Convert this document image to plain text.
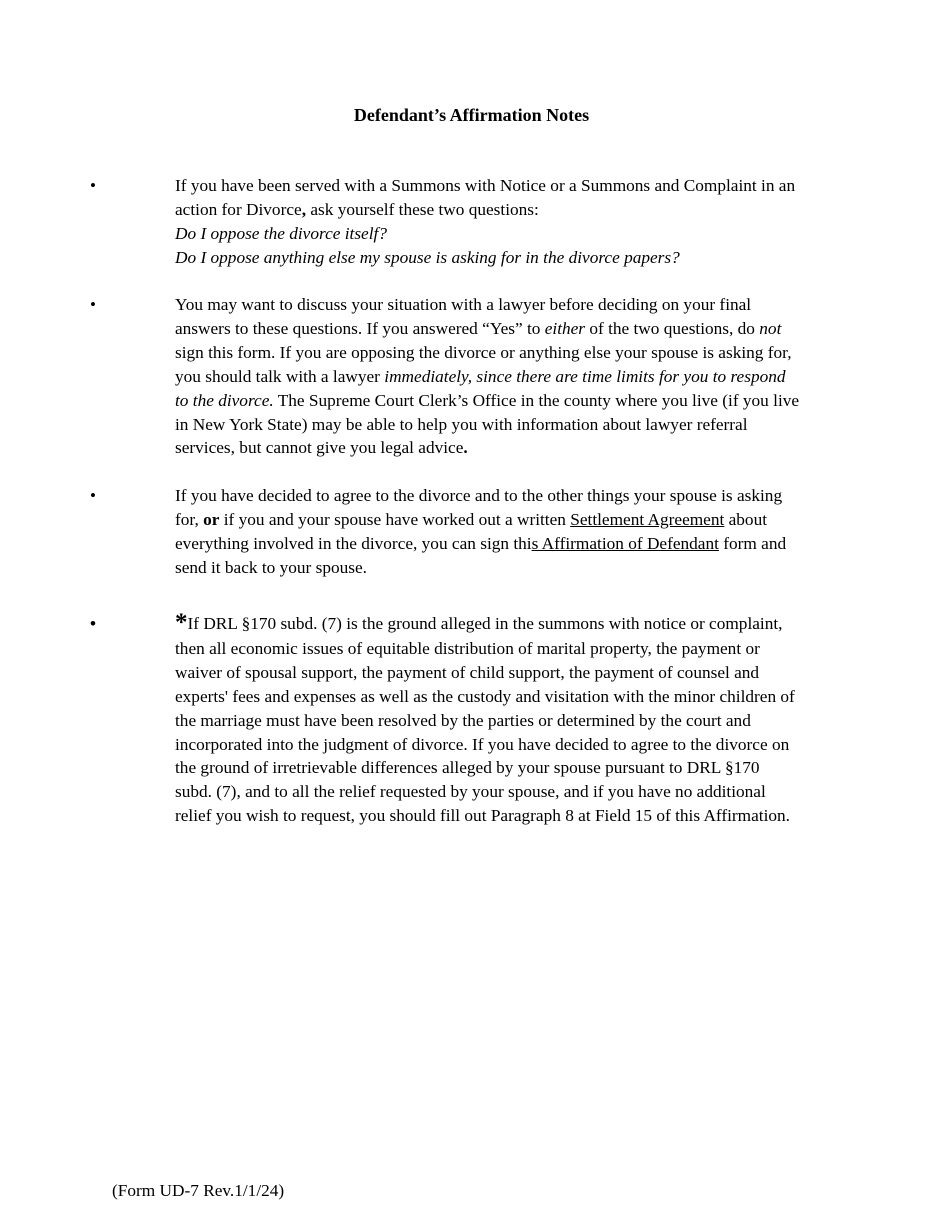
Defendant’s Affirmation Notes
•	If you have been served with a Summons with Notice or a Summons and Complaint in an
action for Divorce, ask yourself these two questions:
Do I oppose the divorce itself?
Do I oppose anything else my spouse is asking for in the divorce papers?
•	You may want to discuss your situation with a lawyer before deciding on your final
answers to these questions. If you answered “Yes” to either of the two questions, do not
sign this form. If you are opposing the divorce or anything else your spouse is asking for,
you should talk with a lawyer immediately, since there are time limits for you to respond
to the divorce. The Supreme Court Clerk’s Office in the county where you live (if you live
in New York State) may be able to help you with information about lawyer referral
services, but cannot give you legal advice.
•	If you have decided to agree to the divorce and to the other things your spouse is asking
for, or if you and your spouse have worked out a written Settlement Agreement about
everything involved in the divorce, you can sign this Affirmation of Defendant form and
send it back to your spouse.
•	*If DRL §170 subd. (7) is the ground alleged in the summons with notice or complaint,
then all economic issues of equitable distribution of marital property, the payment or
waiver of spousal support, the payment of child support, the payment of counsel and
experts' fees and expenses as well as the custody and visitation with the minor children of
the marriage must have been resolved by the parties or determined by the court and
incorporated into the judgment of divorce. If you have decided to agree to the divorce on
the ground of irretrievable differences alleged by your spouse pursuant to DRL §170
subd. (7), and to all the relief requested by your spouse, and if you have no additional
relief you wish to request, you should fill out Paragraph 8 at Field 15 of this Affirmation.
(Form UD-7 Rev.1/1/24)
